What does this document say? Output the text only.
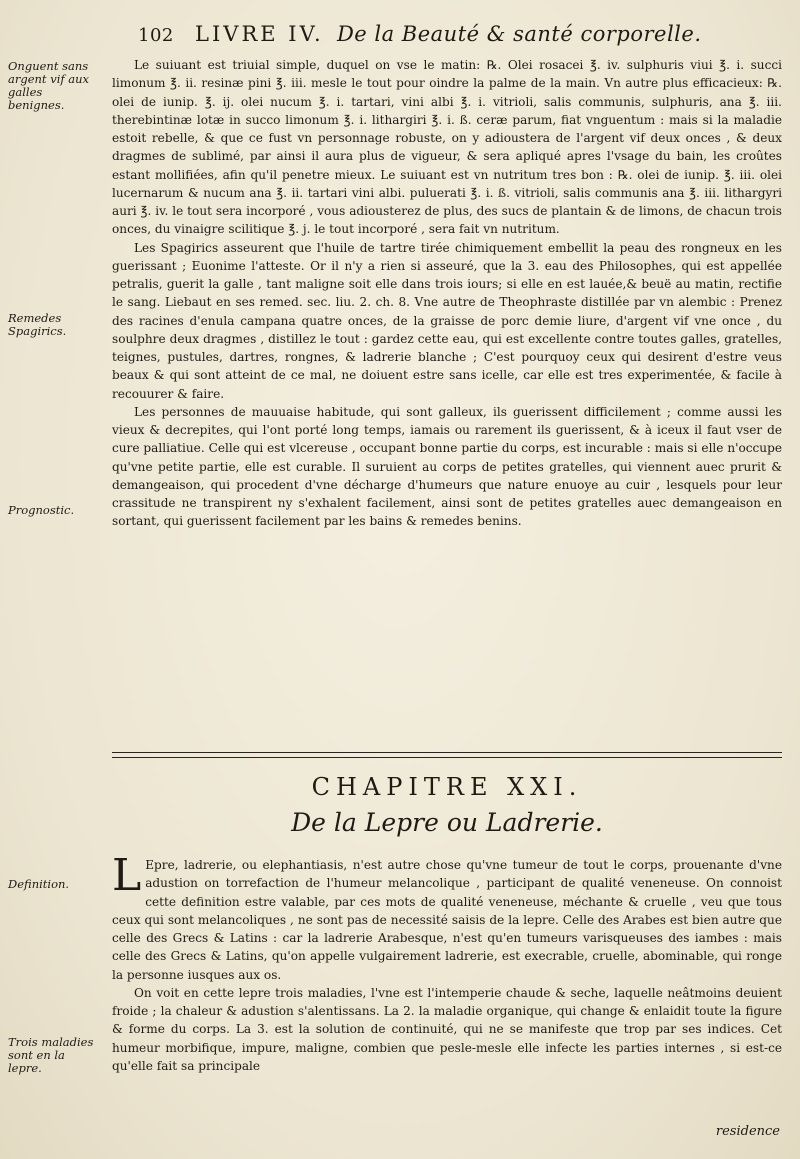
102 LIVRE IV. De la Beauté & santé corporelle.
Onguent sans argent vif aux galles benignes.
Remedes Spagirics.
Prognostic.
Definition.
Trois maladies sont en la lepre.

Le suiuant est triuial simple, duquel on vse le matin: ℞. Olei rosacei ℥. iv. sulphuris viui ℥. i. succi limonum ℥. ii. resinæ pini ℥. iii. mesle le tout pour oindre la palme de la main. Vn autre plus efficacieux: ℞. olei de iunip. ℥. ij. olei nucum ℥. i. tartari, vini albi ℥. i. vitrioli, salis communis, sulphuris, ana ℥. iii. therebintinæ lotæ in succo limonum ℥. i. lithargiri ℥. i. ß. ceræ parum, fiat vnguentum : mais si la maladie estoit rebelle, & que ce fust vn personnage robuste, on y adioustera de l'argent vif deux onces , & deux dragmes de sublimé, par ainsi il aura plus de vigueur, & sera apliqué apres l'vsage du bain, les croûtes estant mollifiées, afin qu'il penetre mieux. Le suiuant est vn nutritum tres bon : ℞. olei de iunip. ℥. iii. olei lucernarum & nucum ana ℥. ii. tartari vini albi. puluerati ℥. i. ß. vitrioli, salis communis ana ℥. iii. lithargyri auri ℥. iv. le tout sera incorporé , vous adiousterez de plus, des sucs de plantain & de limons, de chacun trois onces, du vinaigre scilitique ℥. j. le tout incorporé , sera fait vn nutritum.

Les Spagirics asseurent que l'huile de tartre tirée chimiquement embellit la peau des rongneux en les guerissant ; Euonime l'atteste. Or il n'y a rien si asseuré, que la 3. eau des Philosophes, qui est appellée petralis, guerit la galle , tant maligne soit elle dans trois iours; si elle en est lauée,& beuë au matin, rectifie le sang. Liebaut en ses remed. sec. liu. 2. ch. 8. Vne autre de Theophraste distillée par vn alembic : Prenez des racines d'enula campana quatre onces, de la graisse de porc demie liure, d'argent vif vne once , du soulphre deux dragmes , distillez le tout : gardez cette eau, qui est excellente contre toutes galles, gratelles, teignes, pustules, dartres, rongnes, & ladrerie blanche ; C'est pourquoy ceux qui desirent d'estre veus beaux & qui sont atteint de ce mal, ne doiuent estre sans icelle, car elle est tres experimentée, & facile à recouurer & faire.

Les personnes de mauuaise habitude, qui sont galleux, ils guerissent difficilement ; comme aussi les vieux & decrepites, qui l'ont porté long temps, iamais ou rarement ils guerissent, & à iceux il faut vser de cure palliatiue. Celle qui est vlcereuse , occupant bonne partie du corps, est incurable : mais si elle n'occupe qu'vne petite partie, elle est curable. Il suruient au corps de petites gratelles, qui viennent auec prurit & demangeaison, qui procedent d'vne décharge d'humeurs que nature enuoye au cuir , lesquels pour leur crassitude ne transpirent ny s'exhalent facilement, ainsi sont de petites gratelles auec demangeaison en sortant, qui guerissent facilement par les bains & remedes benins.

CHAPITRE XXI.
De la Lepre ou Ladrerie.

L Epre, ladrerie, ou elephantiasis, n'est autre chose qu'vne tumeur de tout le corps, prouenante d'vne adustion on torrefaction de l'humeur melancolique , participant de qualité veneneuse. On connoist cette definition estre valable, par ces mots de qualité veneneuse, méchante & cruelle , veu que tous ceux qui sont melancoliques , ne sont pas de necessité saisis de la lepre. Celle des Arabes est bien autre que celle des Grecs & Latins : car la ladrerie Arabesque, n'est qu'en tumeurs varisqueuses des iambes : mais celle des Grecs & Latins, qu'on appelle vulgairement ladrerie, est execrable, cruelle, abominable, qui ronge la personne iusques aux os.

On voit en cette lepre trois maladies, l'vne est l'intemperie chaude & seche, laquelle neâtmoins deuient froide ; la chaleur & adustion s'alentissans. La 2. la maladie organique, qui change & enlaidit toute la figure & forme du corps. La 3. est la solution de continuité, qui ne se manifeste que trop par ses indices. Cet humeur morbifique, impure, maligne, combien que pesle-mesle elle infecte les parties internes , si est-ce qu'elle fait sa principale

residence
